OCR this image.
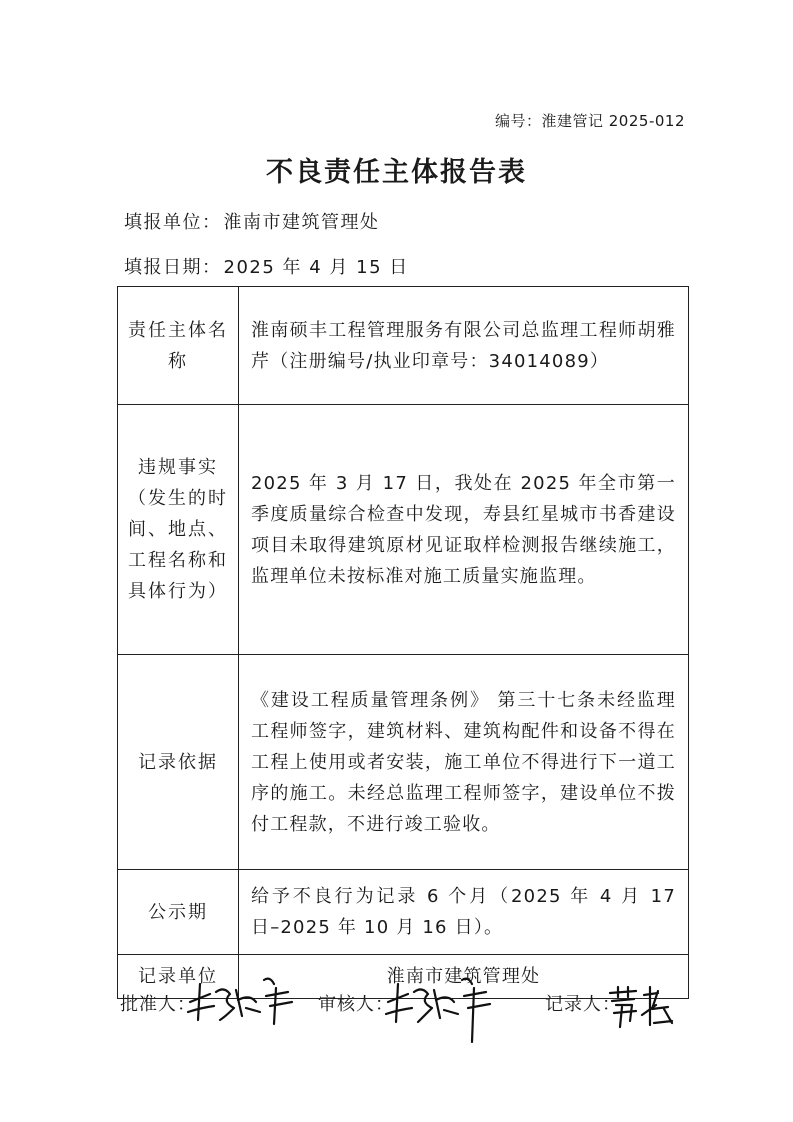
编号：淮建管记 2025-012
不良责任主体报告表
填报单位： 淮南市建筑管理处
填报日期： 2025 年 4 月 15 日
责任主体名称	淮南硕丰工程管理服务有限公司总监理工程师胡雅芹（注册编号/执业印章号：34014089）
违规事实（发生的时间、地点、工程名称和具体行为）	2025 年 3 月 17 日，我处在 2025 年全市第一季度质量综合检查中发现，寿县红星城市书香建设项目未取得建筑原材见证取样检测报告继续施工，监理单位未按标准对施工质量实施监理。
记录依据	《建设工程质量管理条例》 第三十七条未经监理工程师签字，建筑材料、建筑构配件和设备不得在工程上使用或者安装，施工单位不得进行下一道工序的施工。未经总监理工程师签字，建设单位不拨付工程款，不进行竣工验收。
公示期	给予不良行为记录 6 个月（2025 年 4 月 17 日–2025 年 10 月 16 日）。
记录单位	淮南市建筑管理处
批准人：	审核人：	记录人：
